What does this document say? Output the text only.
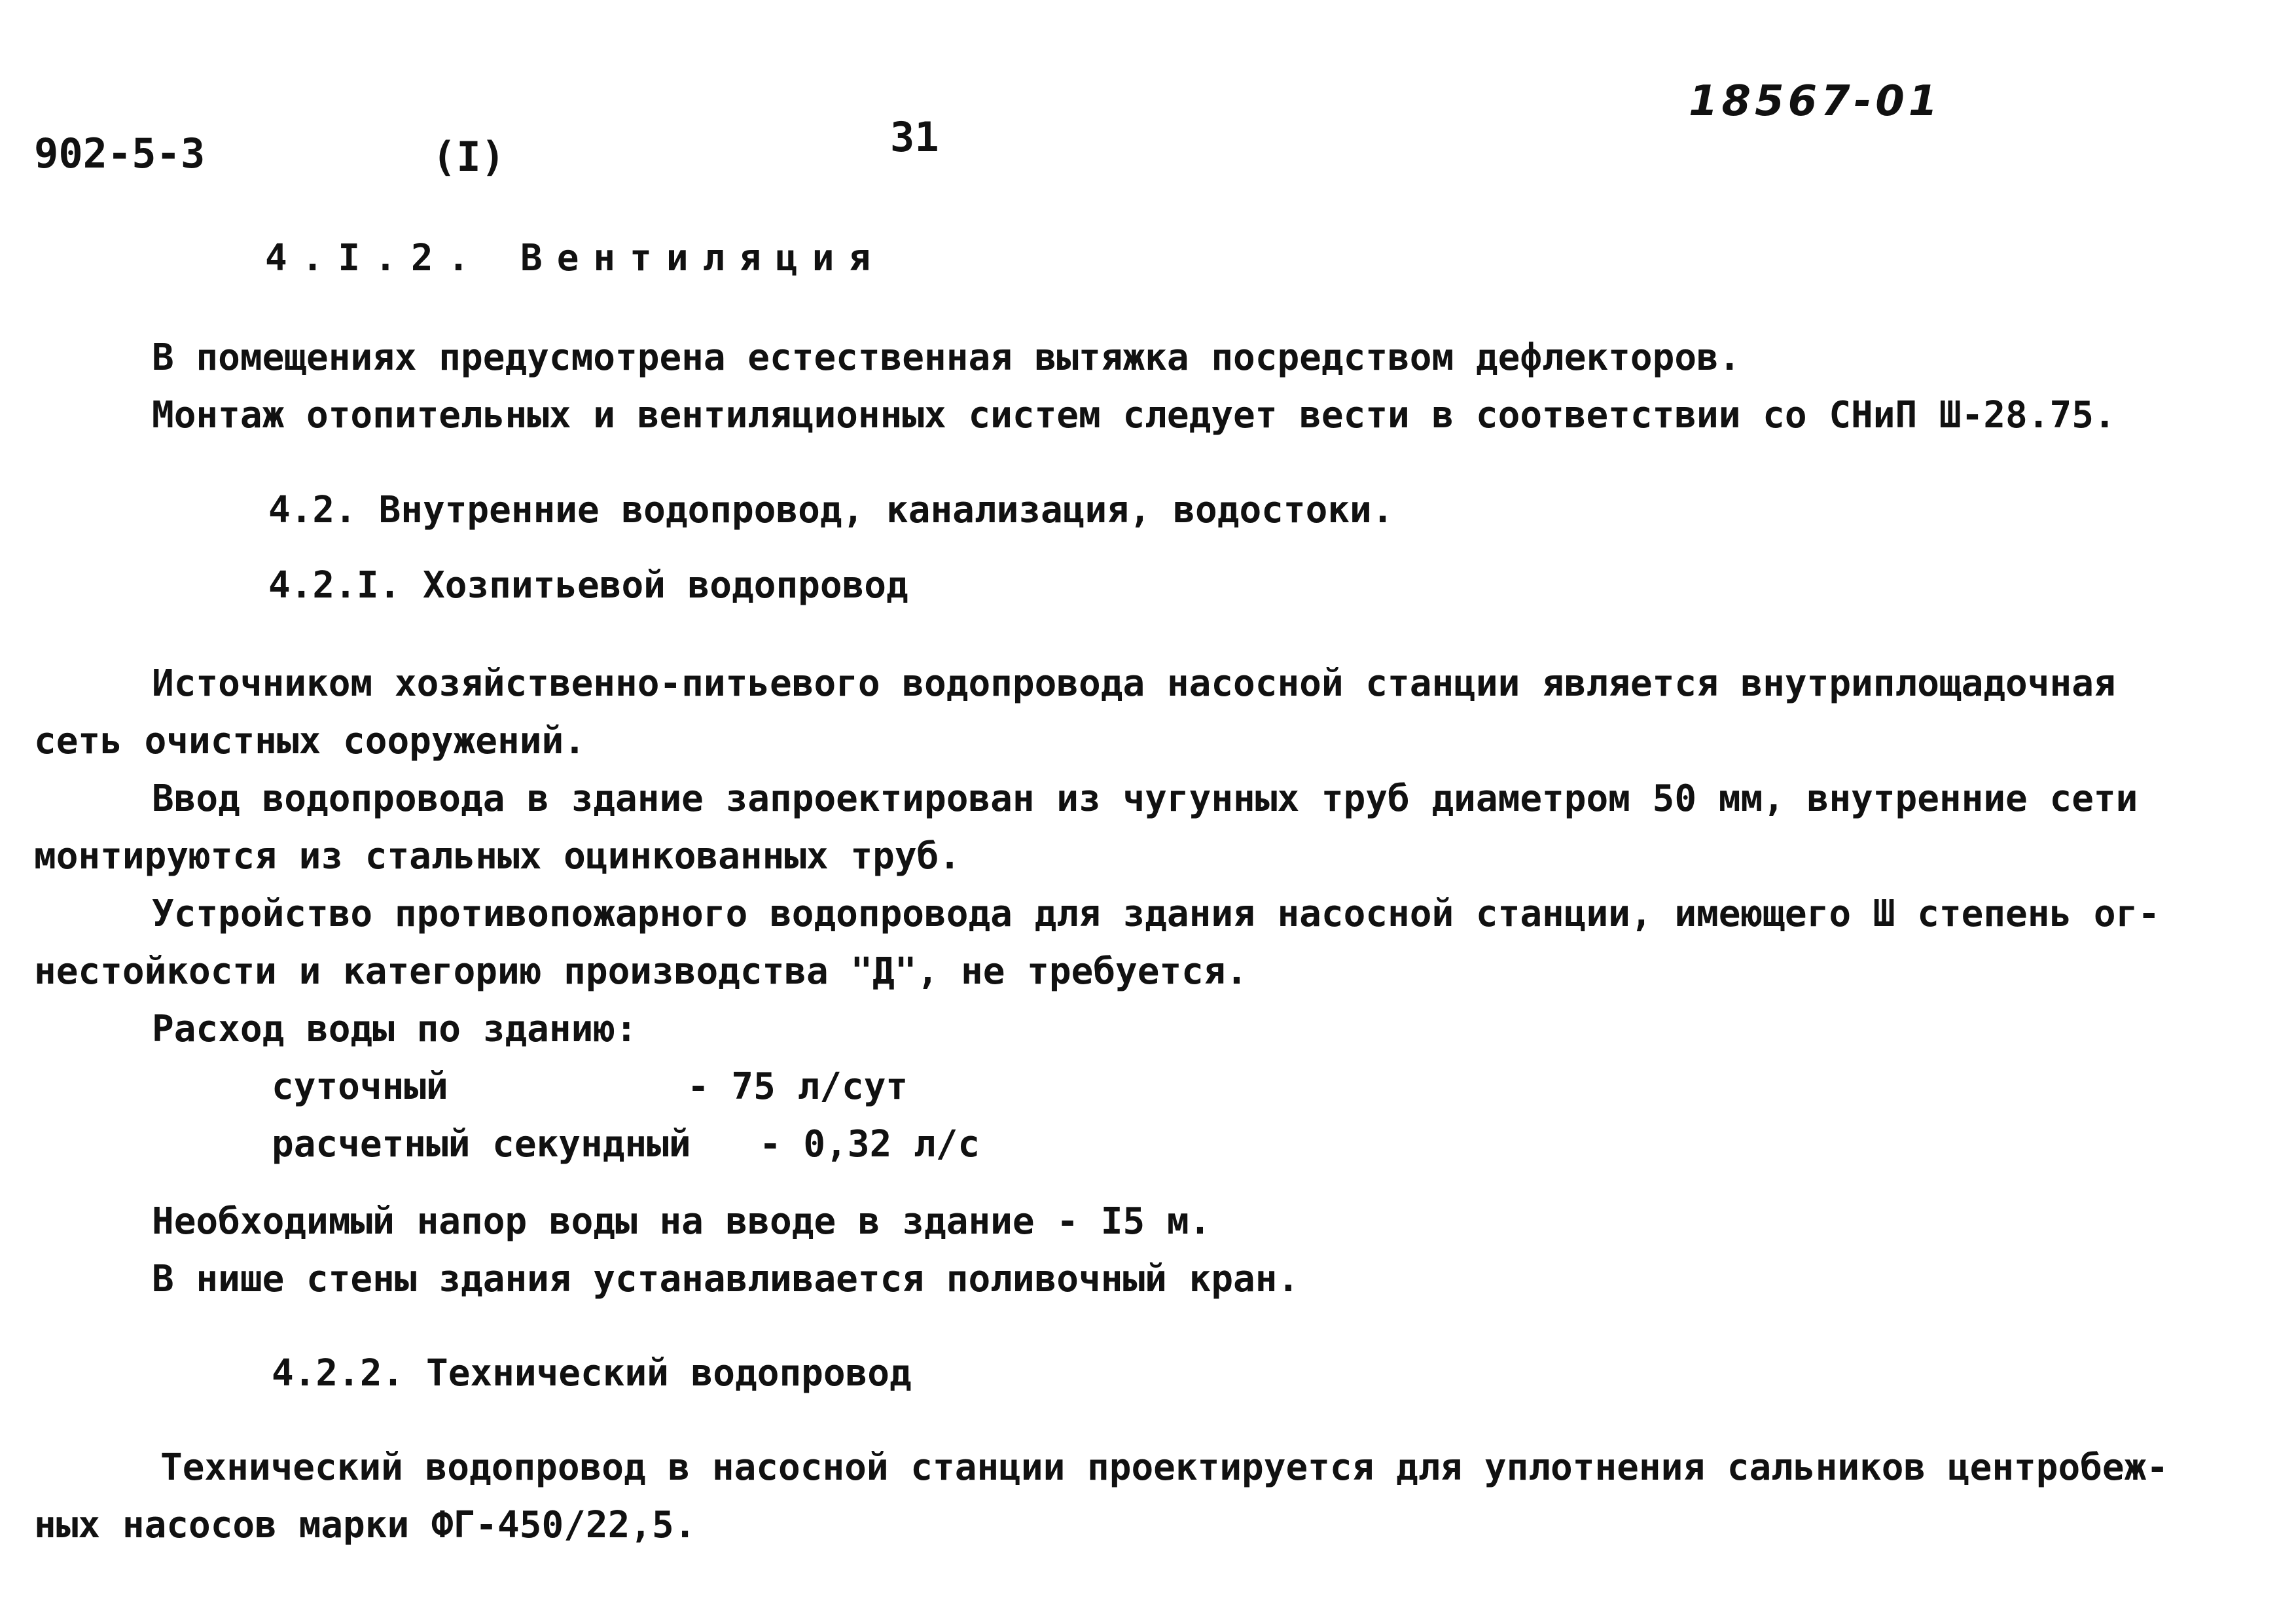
902-5-3	(I)	31
18567-01
4.I.2. Вентиляция
В помещениях предусмотрена естественная вытяжка посредством дефлекторов.
Монтаж отопительных и вентиляционных систем следует вести в соответствии со СНиП Ш-28.75.
4.2. Внутренние водопровод, канализация, водостоки.
4.2.I. Хозпитьевой водопровод
Источником хозяйственно-питьевого водопровода насосной станции является внутриплощадочная
сеть очистных сооружений.
Ввод водопровода в здание запроектирован из чугунных труб диаметром 50 мм, внутренние сети
монтируются из стальных оцинкованных труб.
Устройство противопожарного водопровода для здания насосной станции, имеющего Ш степень ог-
нестойкости и категорию производства "Д", не требуется.
Расход воды по зданию:
суточный	- 75 л/сут
расчетный секундный - 0,32 л/с
Необходимый напор воды на вводе в здание - I5 м.
В нише стены здания устанавливается поливочный кран.
4.2.2. Технический водопровод
Технический водопровод в насосной станции проектируется для уплотнения сальников центробеж-
ных насосов марки ФГ-450/22,5.
